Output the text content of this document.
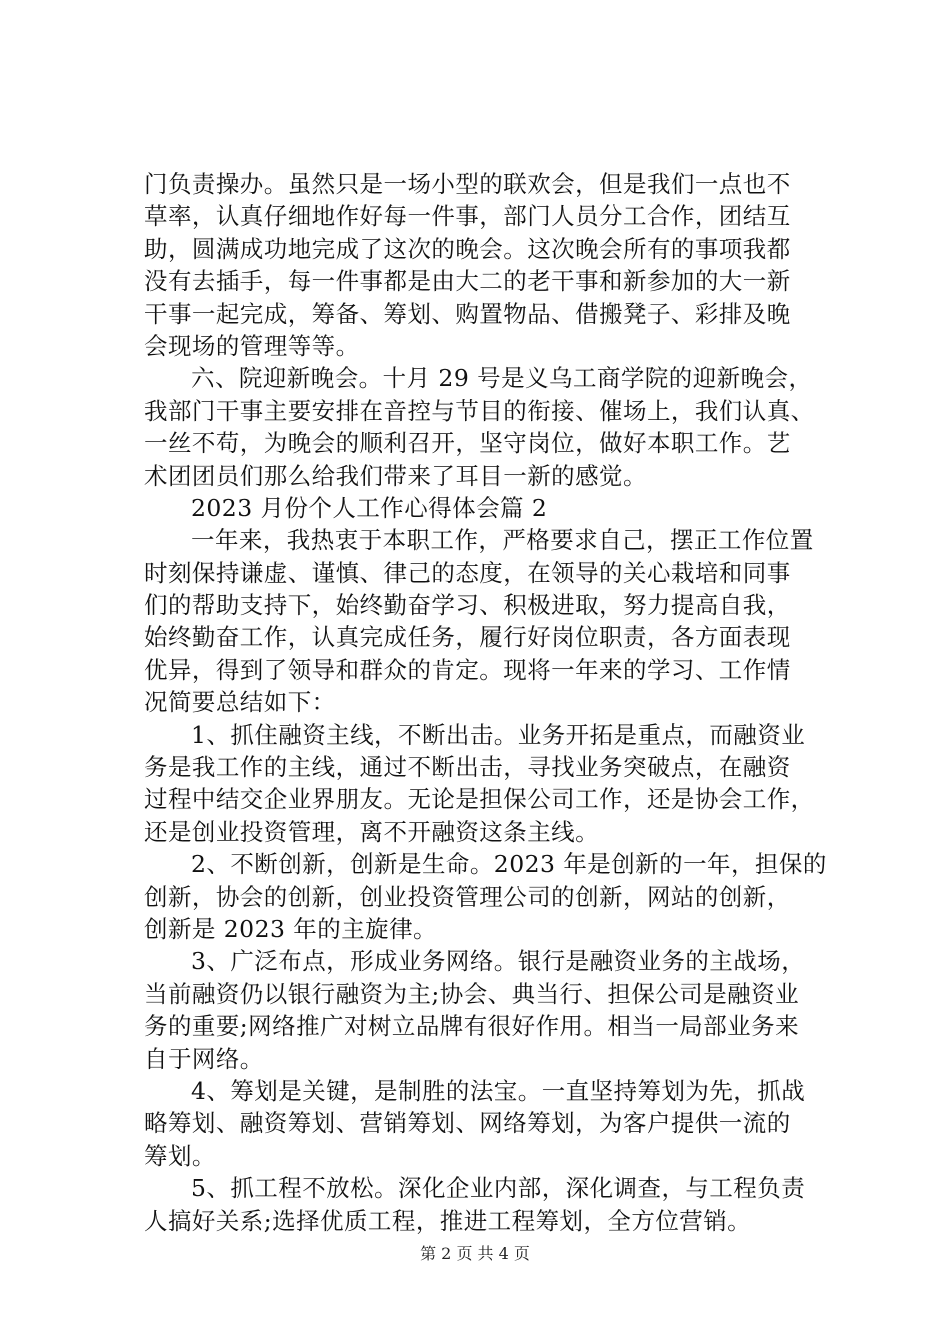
门负责操办。虽然只是一场小型的联欢会，但是我们一点也不
草率，认真仔细地作好每一件事，部门人员分工合作，团结互
助，圆满成功地完成了这次的晚会。这次晚会所有的事项我都
没有去插手，每一件事都是由大二的老干事和新参加的大一新
干事一起完成，筹备、筹划、购置物品、借搬凳子、彩排及晚
会现场的管理等等。
六、院迎新晚会。十月 29 号是义乌工商学院的迎新晚会，
我部门干事主要安排在音控与节目的衔接、催场上，我们认真、
一丝不苟，为晚会的顺利召开，坚守岗位，做好本职工作。艺
术团团员们那么给我们带来了耳目一新的感觉。
2023 月份个人工作心得体会篇 2
一年来，我热衷于本职工作，严格要求自己，摆正工作位置
时刻保持谦虚、谨慎、律己的态度，在领导的关心栽培和同事
们的帮助支持下，始终勤奋学习、积极进取，努力提高自我，
始终勤奋工作，认真完成任务，履行好岗位职责，各方面表现
优异，得到了领导和群众的肯定。现将一年来的学习、工作情
况简要总结如下：
1、抓住融资主线，不断出击。业务开拓是重点，而融资业
务是我工作的主线，通过不断出击，寻找业务突破点，在融资
过程中结交企业界朋友。无论是担保公司工作，还是协会工作，
还是创业投资管理，离不开融资这条主线。
2、不断创新，创新是生命。2023 年是创新的一年，担保的
创新，协会的创新，创业投资管理公司的创新，网站的创新，
创新是 2023 年的主旋律。
3、广泛布点，形成业务网络。银行是融资业务的主战场，
当前融资仍以银行融资为主;协会、典当行、担保公司是融资业
务的重要;网络推广对树立品牌有很好作用。相当一局部业务来
自于网络。
4、筹划是关键，是制胜的法宝。一直坚持筹划为先，抓战
略筹划、融资筹划、营销筹划、网络筹划，为客户提供一流的
筹划。
5、抓工程不放松。深化企业内部，深化调查，与工程负责
人搞好关系;选择优质工程，推进工程筹划，全方位营销。
第 2 页 共 4 页
